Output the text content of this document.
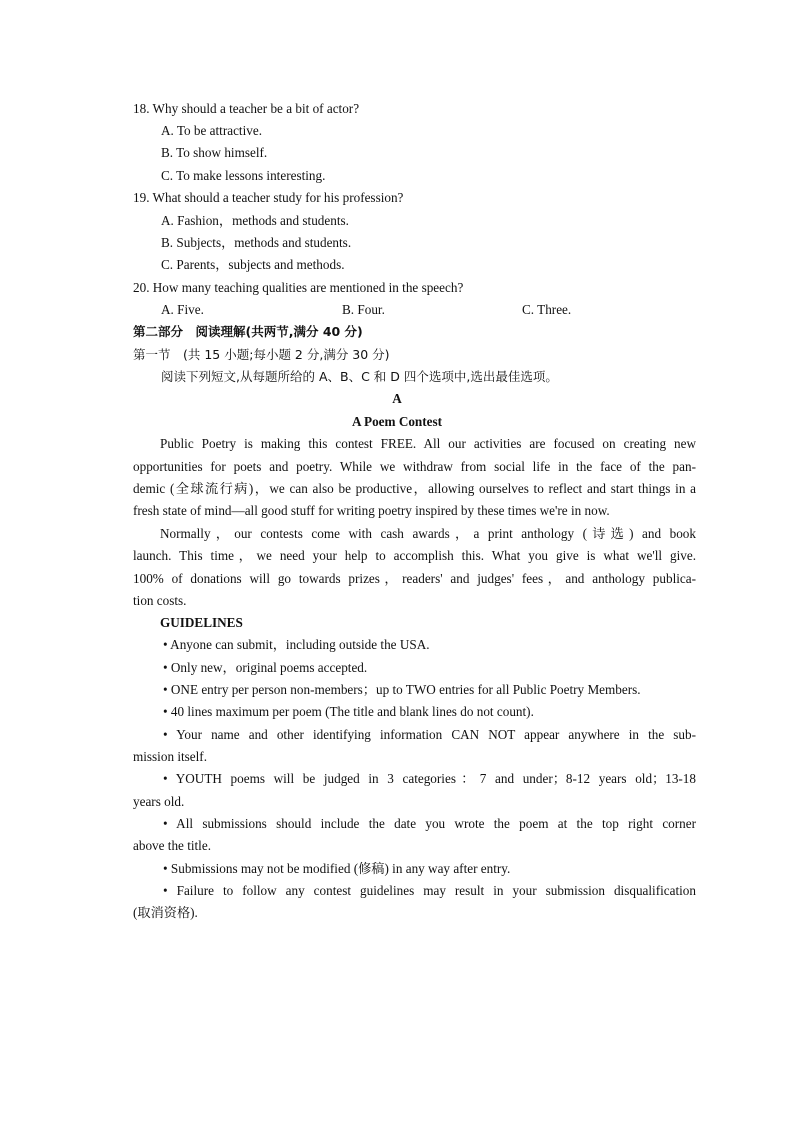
18. Why should a teacher be a bit of actor?
A. To be attractive.
B. To show himself.
C. To make lessons interesting.
19. What should a teacher study for his profession?
A. Fashion，methods and students.
B. Subjects，methods and students.
C. Parents，subjects and methods.
20. How many teaching qualities are mentioned in the speech?
A. Five.	B. Four.	C. Three.
第二部分　阅读理解(共两节,满分 40 分)
第一节　(共 15 小题;每小题 2 分,满分 30 分)
阅读下列短文,从每题所给的 A、B、C 和 D 四个选项中,选出最佳选项。
A
A Poem Contest
Public Poetry is making this contest FREE. All our activities are focused on creating new
opportunities for poets and poetry. While we withdraw from social life in the face of the pan-
demic (全球流行病)，we can also be productive，allowing ourselves to reflect and start things in a
fresh state of mind—all good stuff for writing poetry inspired by these times we're in now.
Normally，our contests come with cash awards，a print anthology (诗选) and book
launch. This time，we need your help to accomplish this. What you give is what we'll give.
100% of donations will go towards prizes，readers' and judges' fees，and anthology publica-
tion costs.
GUIDELINES
• Anyone can submit，including outside the USA.
• Only new，original poems accepted.
• ONE entry per person non-members；up to TWO entries for all Public Poetry Members.
• 40 lines maximum per poem (The title and blank lines do not count).
• Your name and other identifying information CAN NOT appear anywhere in the sub-
mission itself.
• YOUTH poems will be judged in 3 categories：7 and under；8-12 years old；13-18
years old.
• All submissions should include the date you wrote the poem at the top right corner
above the title.
• Submissions may not be modified (修稿) in any way after entry.
• Failure to follow any contest guidelines may result in your submission disqualification
(取消资格).
